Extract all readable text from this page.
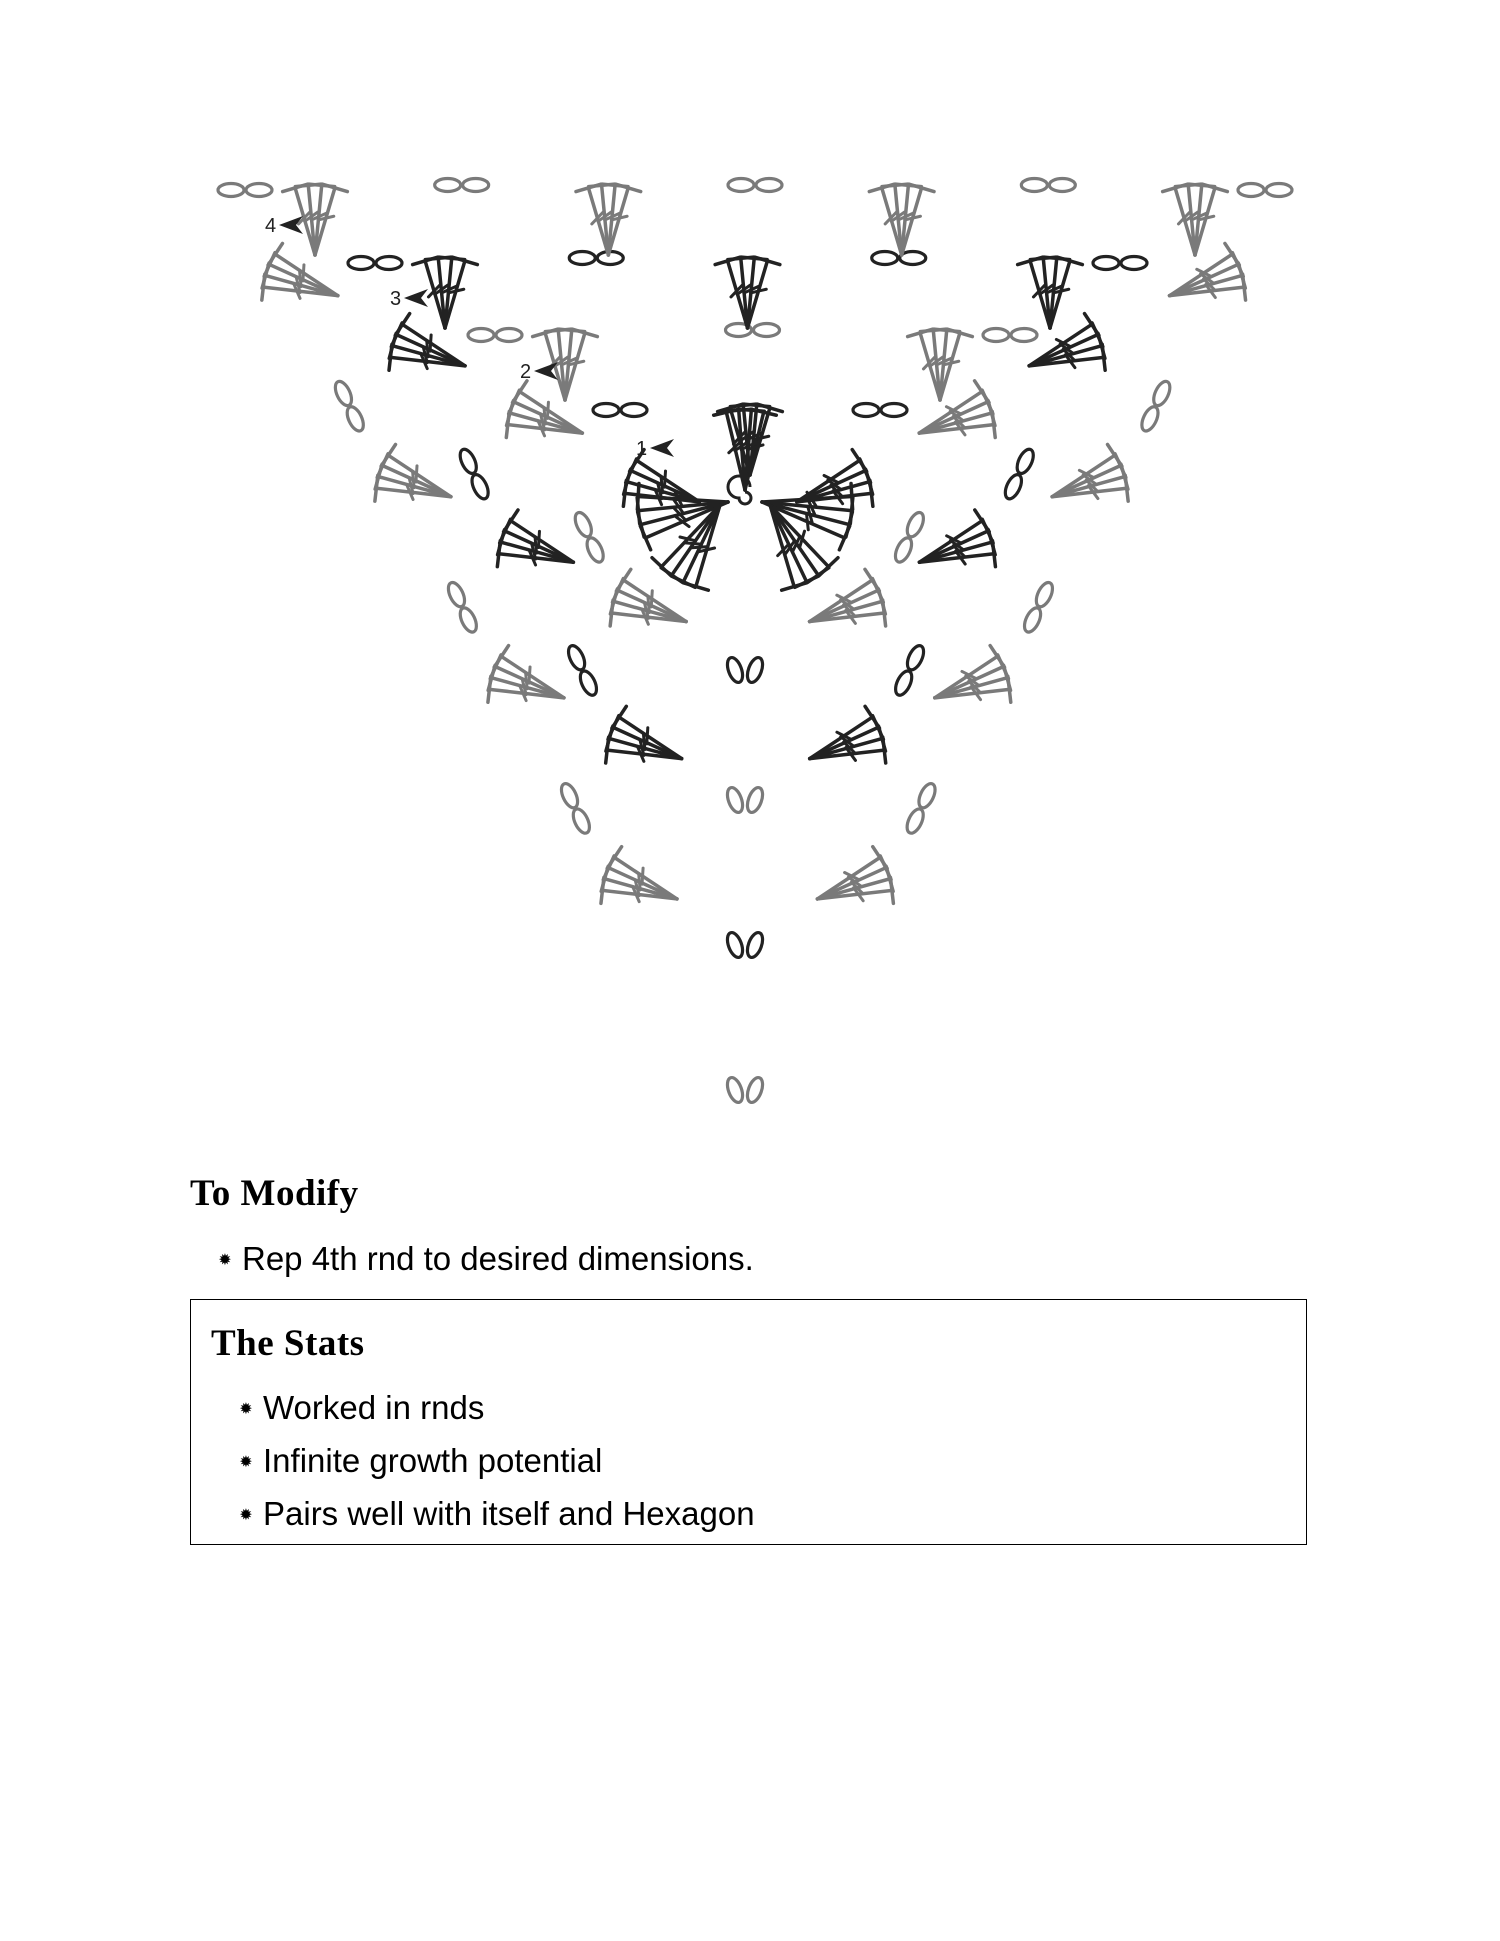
1
2
3
4
To Modify
✹ Rep 4th rnd to desired dimensions.
The Stats
✹ Worked in rnds
✹ Infinite growth potential
✹ Pairs well with itself and Hexagon
